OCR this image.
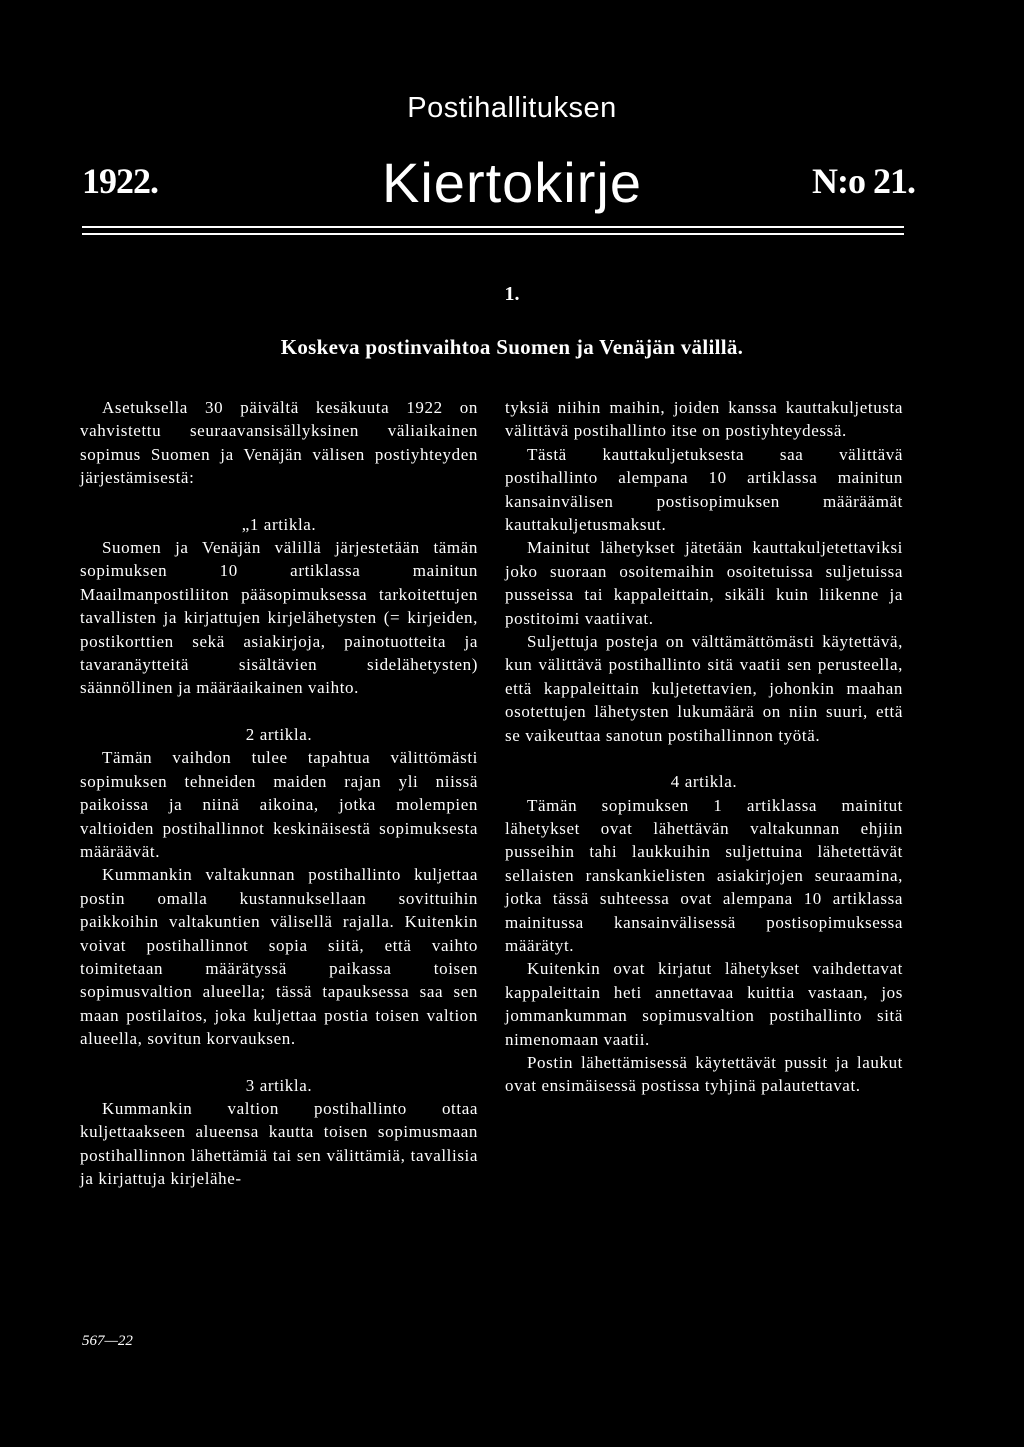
Postihallituksen
1922.	Kiertokirje	N:o 21.
1.
Koskeva postinvaihtoa Suomen ja Venäjän välillä.

Asetuksella 30 päivältä kesäkuuta 1922 on vahvistettu seuraavansisällyksinen väliaikainen sopimus Suomen ja Venäjän välisen postiyhteyden järjestämisestä:

„1 artikla.

Suomen ja Venäjän välillä järjestetään tämän sopimuksen 10 artiklassa mainitun Maailmanpostiliiton pääsopimuksessa tarkoitettujen tavallisten ja kirjattujen kirjelähetysten (= kirjeiden, postikorttien sekä asiakirjoja, painotuotteita ja tavaranäytteitä sisältävien sidelähetysten) säännöllinen ja määräaikainen vaihto.

2 artikla.

Tämän vaihdon tulee tapahtua välittömästi sopimuksen tehneiden maiden rajan yli niissä paikoissa ja niinä aikoina, jotka molempien valtioiden postihallinnot keskinäisestä sopimuksesta määräävät.

Kummankin valtakunnan postihallinto kuljettaa postin omalla kustannuksellaan sovittuihin paikkoihin valtakuntien välisellä rajalla. Kuitenkin voivat postihallinnot sopia siitä, että vaihto toimitetaan määrätyssä paikassa toisen sopimusvaltion alueella; tässä tapauksessa saa sen maan postilaitos, joka kuljettaa postia toisen valtion alueella, sovitun korvauksen.

3 artikla.

Kummankin valtion postihallinto ottaa kuljettaakseen alueensa kautta toisen sopimusmaan postihallinnon lähettämiä tai sen välittämiä, tavallisia ja kirjattuja kirjelähe-

tyksiä niihin maihin, joiden kanssa kauttakuljetusta välittävä postihallinto itse on postiyhteydessä.

Tästä kauttakuljetuksesta saa välittävä postihallinto alempana 10 artiklassa mainitun kansainvälisen postisopimuksen määräämät kauttakuljetusmaksut.

Mainitut lähetykset jätetään kauttakuljetettaviksi joko suoraan osoitemaihin osoitetuissa suljetuissa pusseissa tai kappaleittain, sikäli kuin liikenne ja postitoimi vaatiivat.

Suljettuja posteja on välttämättömästi käytettävä, kun välittävä postihallinto sitä vaatii sen perusteella, että kappaleittain kuljetettavien, johonkin maahan osotettujen lähetysten lukumäärä on niin suuri, että se vaikeuttaa sanotun postihallinnon työtä.

4 artikla.

Tämän sopimuksen 1 artiklassa mainitut lähetykset ovat lähettävän valtakunnan ehjiin pusseihin tahi laukkuihin suljettuina lähetettävät sellaisten ranskankielisten asiakirjojen seuraamina, jotka tässä suhteessa ovat alempana 10 artiklassa mainitussa kansainvälisessä postisopimuksessa määrätyt.

Kuitenkin ovat kirjatut lähetykset vaihdettavat kappaleittain heti annettavaa kuittia vastaan, jos jommankumman sopimusvaltion postihallinto sitä nimenomaan vaatii.

Postin lähettämisessä käytettävät pussit ja laukut ovat ensimäisessä postissa tyhjinä palautettavat.

567—22
